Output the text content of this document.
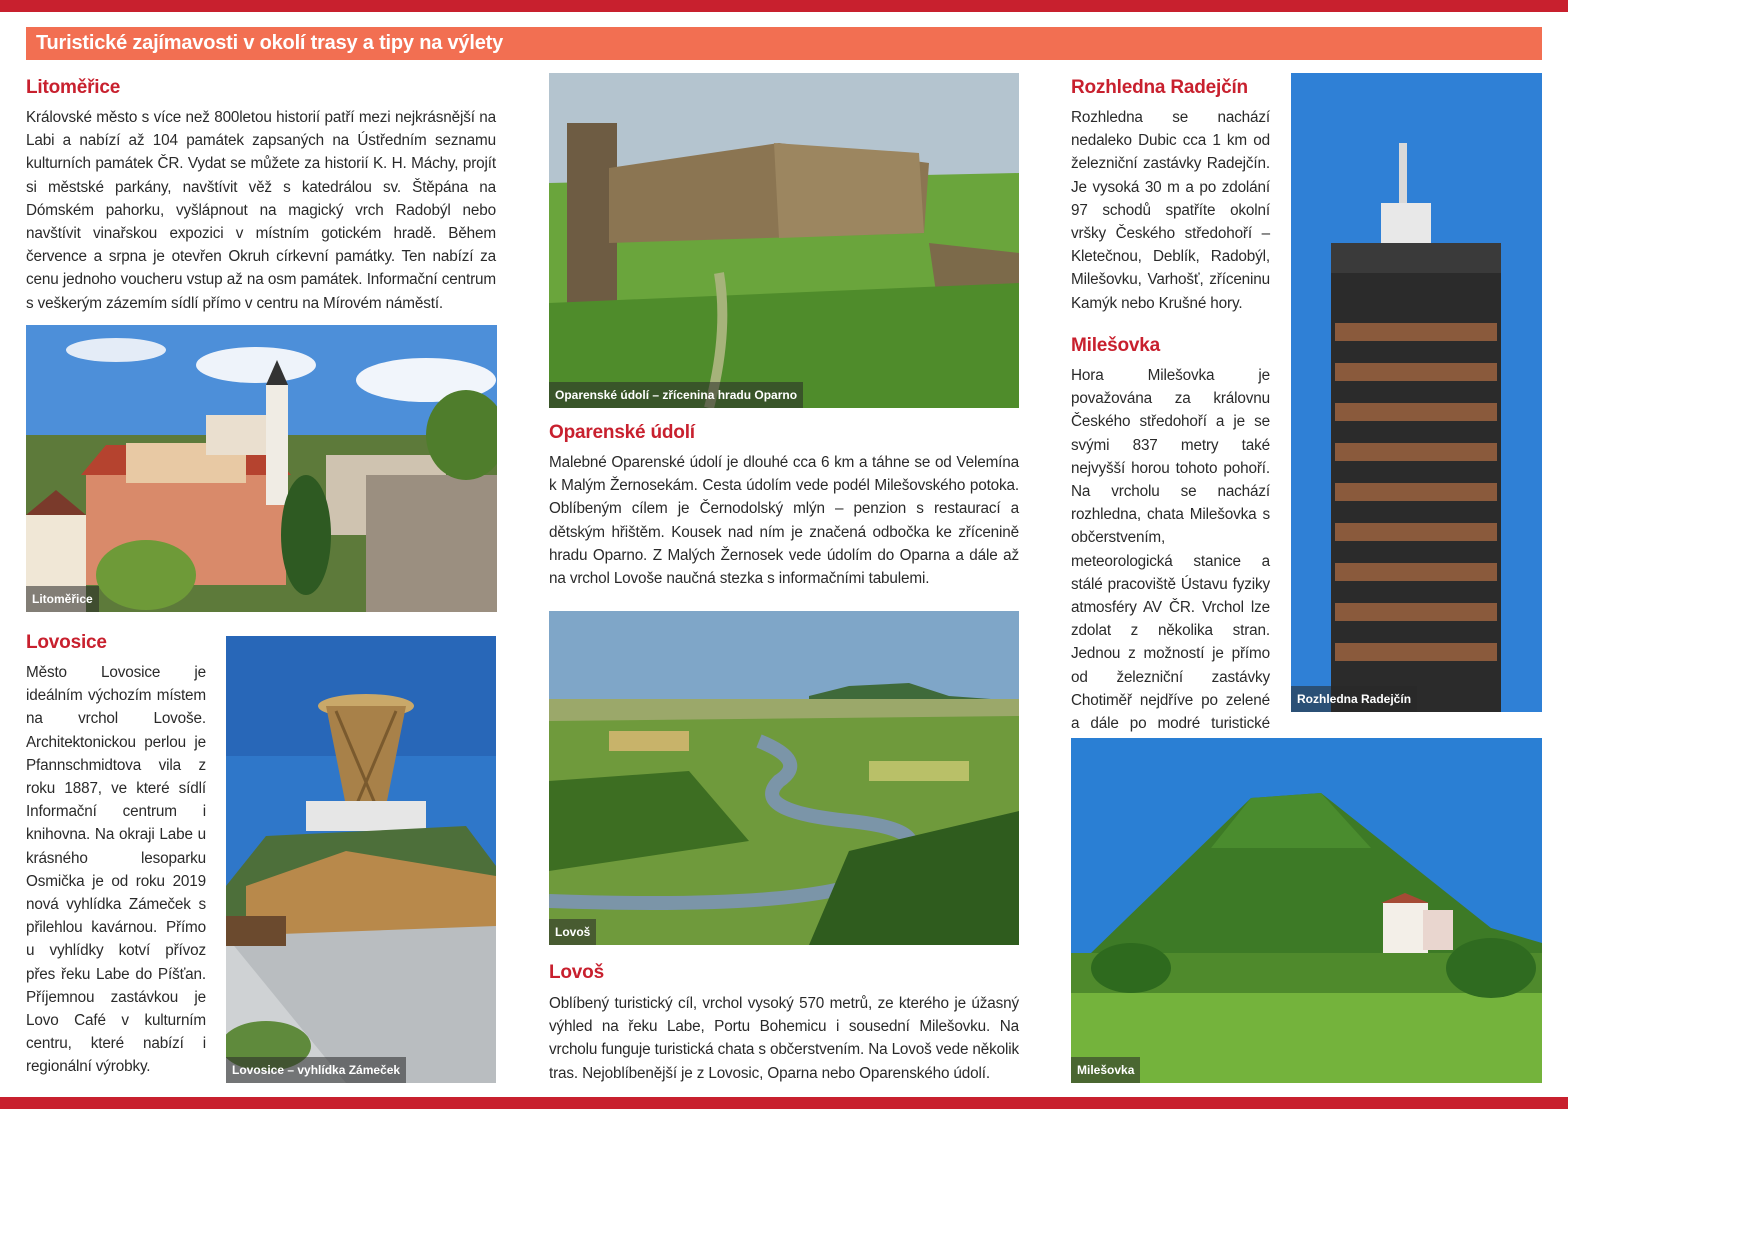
Turistické zajímavosti v okolí trasy a tipy na výlety
Litoměřice

Královské město s více než 800letou historií patří mezi nejkrásnější na Labi a nabízí až 104 památek zapsaných na Ústředním seznamu kulturních památek ČR. Vydat se můžete za historií K. H. Máchy, projít si městské parkány, navštívit věž s katedrálou sv. Štěpána na Dómském pahorku, vyšlápnout na magický vrch Radobýl nebo navštívit vinařskou expozici v místním gotickém hradě. Během července a srpna je otevřen Okruh církevní památky. Ten nabízí za cenu jednoho voucheru vstup až na osm památek. Informační centrum s veškerým zázemím sídlí přímo v centru na Mírovém náměstí.

Litoměřice
Lovosice

Město Lovosice je ideálním výchozím místem na vrchol Lovoše. Architektonickou perlou je Pfannschmidtova vila z roku 1887, ve které sídlí Informační centrum i knihovna. Na okraji Labe u krásného lesoparku Osmička je od roku 2019 nová vyhlídka Zámeček s přilehlou kavárnou. Přímo u vyhlídky kotví přívoz přes řeku Labe do Píšťan. Příjemnou zastávkou je Lovo Café v kulturním centru, které nabízí i regionální výrobky.	Lovosice – vyhlídka Zámeček
Oparenské údolí – zřícenina hradu Oparno
Oparenské údolí

Malebné Oparenské údolí je dlouhé cca 6 km a táhne se od Velemína k Malým Žernosekám. Cesta údolím vede podél Milešovského potoka. Oblíbeným cílem je Černodolský mlýn – penzion s restaurací a dětským hřištěm. Kousek nad ním je značená odbočka ke zřícenině hradu Oparno. Z Malých Žernosek vede údolím do Oparna a dále až na vrchol Lovoše naučná stezka s informačními tabulemi.

Lovoš
Lovoš

Oblíbený turistický cíl, vrchol vysoký 570 metrů, ze kterého je úžasný výhled na řeku Labe, Portu Bohemicu i sousední Milešovku. Na vrcholu funguje turistická chata s občerstvením. Na Lovoš vede několik tras. Nejoblíbenější je z Lovosic, Oparna nebo Oparenského údolí.

Rozhledna Radejčín

Rozhledna se nachází nedaleko Dubic cca 1 km od železniční zastávky Radejčín. Je vysoká 30 m a po zdolání 97 schodů spatříte okolní vršky Českého středohoří – Kletečnou, Deblík, Radobýl, Milešovku, Varhošť, zříceninu Kamýk nebo Krušné hory.

Rozhledna Radejčín
Milešovka

Hora Milešovka je považována za královnu Českého středohoří a je se svými 837 metry také nejvyšší horou tohoto pohoří. Na vrcholu se nachází rozhledna, chata Milešovka s občerstvením, meteorologická stanice a stálé pracoviště Ústavu fyziky atmosféry AV ČR. Vrchol lze zdolat z několika stran. Jednou z možností je přímo od železniční zastávky Chotiměř nejdříve po zelené a dále po modré turistické

Milešovka
